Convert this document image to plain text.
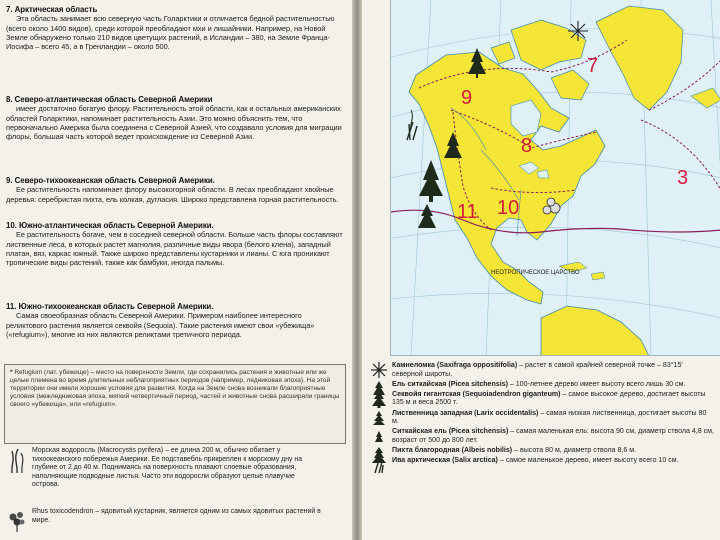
7. Арктическая область

Эта область занимает всю северную часть Голарктики и отличается бедной растительностью (всего около 1400 видов), среди которой преобладают мхи и лишайники. Например, на Новой Земле обнаружено только 210 видов цветущих растений, в Исландии – 380, на Земле Франца-Иосифа – всего 45, а в Гренландии – около 500.

8. Северо-атлантическая область Северной Америки

имеет достаточно богатую флору. Растительность этой области, как и остальных американских областей Голарктики, напоминает растительность Азии. Это можно объяснить тем, что первоначально Америка была соединена с Северной Азией, что создавало условия для миграции флоры, большая часть которой ведет происхождение из Северной Азии.

9. Северо-тихоокеанская область Северной Америки.

Ее растительность напоминает флору высокогорной области. В лесах преобладают хвойные деревья: серебристая пихта, ель колкая, дугласия. Широко представлена горная растительность.

10. Южно-атлантическая область Северной Америки.

Ее растительность богаче, чем в соседней северной области. Больше часть флоры составляют лиственные леса, в которых растет магнолия, различные виды явора (белого клена), западный платан, вяз, каркас южный. Также широко представлены кустарники и лианы. С юга проникают тропические виды растений, также как бамбуки, иногда пальмы.

11. Южно-тихоокеанская область Северной Америки.

Самая своеобразная область Северной Америки. Примером наиболее интересного реликтового растения является секвойя (Sequoia). Такие растения имеют свои «убежища» («refugium»), многие из них являются реликтами третичного периода.

* Refugium (лат. убежище) – место на поверхности Земли, где сохранились растения и животные или же целые племена во время длительных неблагоприятных периодов (например, ледниковая эпоха). На этой территории они имели хорошие условия для развития. Когда на Земле снова возникали благоприятные условия (межледниковая эпоха, мягкий четвертичный период, частей и животные снова расширяли границы своего «убежища», или «refugium».
Морская водоросль (Macrocystis pyrifera) – ее длина 200 м, обычно обитает у тихоокеанского побережья Америки. Ее подставебль прикреплен к морскому дну на глубине от 2 до 40 м. Поднимаясь на поверхность плавают слоевые образования, наполняющие подводные листья. Часто эти водоросли образуют целые плавучие острова.
Rhus toxicodendron – ядовитый кустарник, является одним из самых ядовитых растений в мире.
7
9
8
3
11 10
НЕОТРОПИЧЕСКОЕ ЦАРСТВО
Камнеломка (Saxifraga oppositifolia) – растет в самой крайней северной точке – 83°15' северной широты.
Ель ситкайская (Picea sitchensis) – 100-летнее дерево имеет высоту всего лишь 30 см.
Секвойя гигантская (Sequoiadendron giganteum) – самое высокое дерево, достигает высоты 135 м и веса 2500 т.
Лиственница западная (Larix occidentalis) – самая низкая лиственница, достигает высоты 80 м.
Ситкайская ель (Picea sitchensis) – самая маленькая ель: высота 90 см, диаметр ствола 4,8 см, возраст от 500 до 800 лет.
Пихта благородная (Albeis nobilis) – высота 80 м, диаметр ствола 8,6 м.
Ива арктическая (Salix arctica) – самое маленькое дерево, имеет высоту всего 10 см.
